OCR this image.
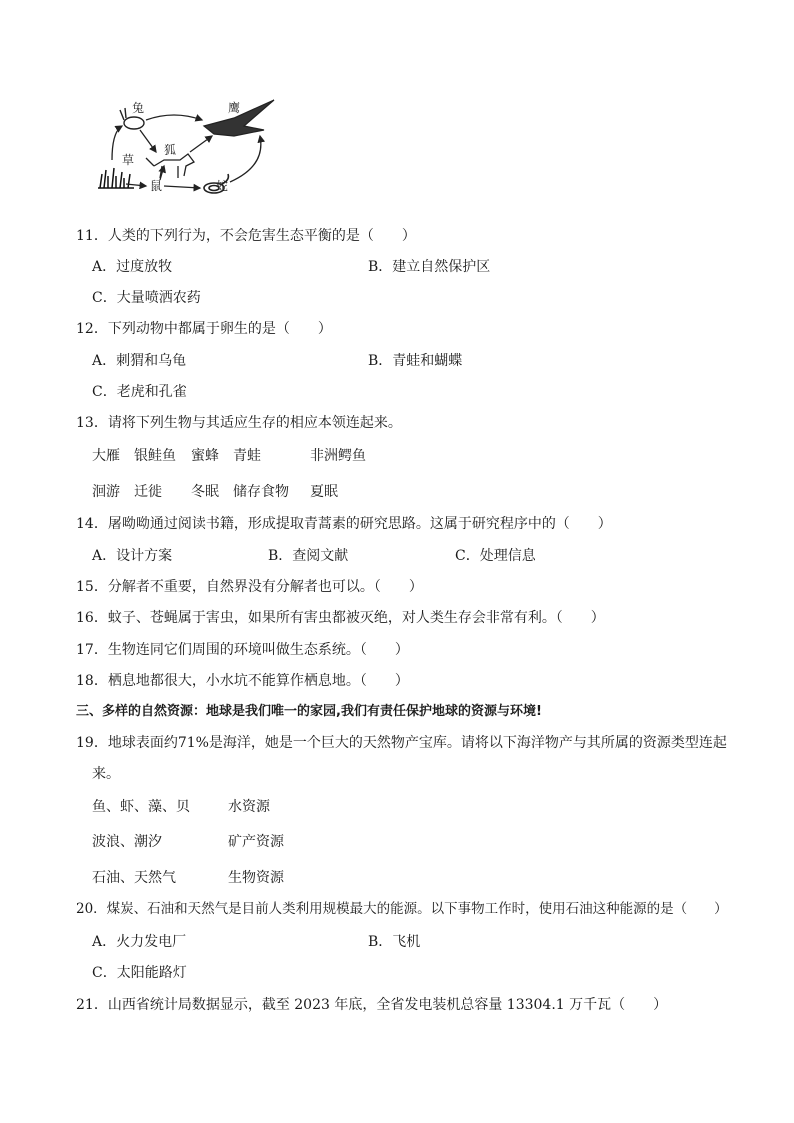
兔	鹰
草
狐
鼠	蛇
11．人类的下列行为，不会危害生态平衡的是（　　）
A．过度放牧	B．建立自然保护区
C．大量喷洒农药
12．下列动物中都属于卵生的是（　　）
A．刺猬和乌龟	B．青蛙和蝴蝶
C．老虎和孔雀
13．请将下列生物与其适应生存的相应本领连起来。
大雁 银鲑鱼 蜜蜂 青蛙	非洲鳄鱼
洄游 迁徙 冬眠 储存食物 夏眠
14．屠呦呦通过阅读书籍，形成提取青蒿素的研究思路。这属于研究程序中的（　　）
A．设计方案	B．查阅文献	C．处理信息
15．分解者不重要，自然界没有分解者也可以。（　　）
16．蚊子、苍蝇属于害虫，如果所有害虫都被灭绝，对人类生存会非常有利。（　　）
17．生物连同它们周围的环境叫做生态系统。（　　）
18．栖息地都很大，小水坑不能算作栖息地。（　　）
三、多样的自然资源：地球是我们唯一的家园,我们有责任保护地球的资源与环境!
19．地球表面约71%是海洋，她是一个巨大的天然物产宝库。请将以下海洋物产与其所属的资源类型连起
来。
鱼、虾、藻、贝	水资源
波浪、潮汐	矿产资源
石油、天然气	生物资源
20．煤炭、石油和天然气是目前人类利用规模最大的能源。以下事物工作时，使用石油这种能源的是（　　）
A．火力发电厂	B．飞机
C．太阳能路灯
21．山西省统计局数据显示，截至 2023 年底，全省发电装机总容量 13304.1 万千瓦（　　）
